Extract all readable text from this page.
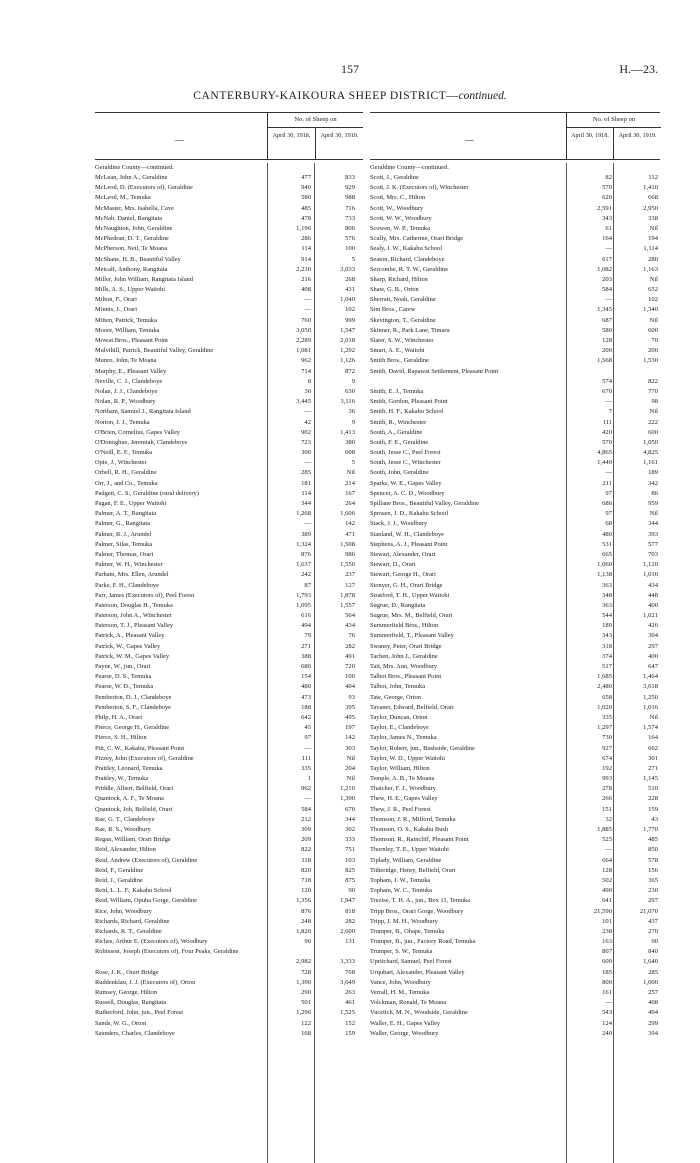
157	H.—23.
CANTERBURY-KAIKOURA SHEEP DISTRICT—continued.
—
No. of Sheep on
April 30, 1918.	April 30, 1919.
Geraldine County—continued.
McLean, John A., Geraldine	477	833
McLeod, D. (Executors of), Geraldine	940	929
McLeod, M., Temuka	580	988
McMaster, Mrs. Isabella, Cave	485	716
McNab, Daniel, Rangitata	478	733
McNaughton, John, Geraldine	1,196	806
McPhedran, D. T., Geraldine	286	576
McPherson, Neil, Te Moana	114	100
McShane, H. B., Beautiful Valley	914	5
Metcalf, Anthony, Rangitata	2,230	3,033
Miller, John William, Rangitata Island	216	268
Mills, A. S., Upper Waitohi	408	431
Milton, F., Orari	—	1,040
Minnis, J., Orari	—	102
Mitten, Patrick, Temuka	760	999
Moore, William, Temuka	3,050	1,547
Mowat Bros., Pleasant Point	2,289	2,018
Mulvihill, Patrick, Beautiful Valley, Geraldine	1,081	1,292
Munro, John, Te Moana	962	1,126
Murphy, E., Pleasant Valley	714	872
Neville, C. J., Clandeboye	8	9
Nolan, J. J., Clandeboye	30	630
Nolan, R. P., Woodbury	3,445	3,116
Northam, Samuel J., Rangitata Island	—	36
Norton, J. J., Temuka	42	9
O'Brien, Cornelius, Gapes Valley	902	1,413
O'Donoghue, Jeremiah, Clandeboye	723	380
O'Neill, E. F., Temuka	300	608
Opie, J., Winchester	—	5
Orbell, R. H., Geraldine	285	Nil
Orr, J., and Co., Temuka	181	214
Padgett, C. S., Geraldine (rural delivery)	114	167
Pagan, F. E., Upper Waitohi	344	264
Palmer, A. T., Rangitata	1,268	1,606
Palmer, G., Rangitata	—	142
Palmer, R. J., Arundel	389	471
Palmer, Silas, Temuka	1,324	1,508
Palmer, Thomas, Orari	876	986
Palmer, W. H., Winchester	1,637	1,550
Parham, Mrs. Ellen, Arundel	242	237
Parke, F. H., Clandeboye	87	127
Parr, James (Executors of), Peel Forest	1,793	1,878
Paterson, Douglas H., Temuka	1,095	1,557
Paterson, John A., Winchester	616	564
Paterson, T. J., Pleasant Valley	494	434
Patrick, A., Pleasant Valley	79	76
Patrick, W., Gapes Valley	271	282
Patrick, W. M., Gapes Valley	388	491
Payne, W., jun., Orari	680	720
Pearse, D. S., Temuka	154	100
Pearse, W. D., Temuka	480	404
Pemberton, D. J., Clandeboye	473	93
Pemberton, S. F., Clandeboye	188	395
Philp, H. A., Orari	642	495
Pierce, George H., Geraldine	45	197
Pierce, S. H., Hilton	97	142
Pitt, C. W., Kakahu, Pleasant Point	—	303
Pizzey, John (Executors of), Geraldine	111	Nil
Prattley, Leonard, Temuka	335	204
Prattley, W., Temuka	1	Nil
Priddle, Albert, Belfield, Orari	962	1,210
Quantock, A. F., Te Moana	—	1,390
Quantock, Job, Belfield, Orari	584	670
Rae, G. T., Clandeboye	212	344
Rae, R. S., Woodbury	309	302
Regan, William, Orari Bridge	209	333
Reid, Alexander, Hilton	822	751
Reid, Andrew (Executors of), Geraldine	118	103
Reid, F., Geraldine	820	825
Reid, J., Geraldine	718	875
Reid, L. L. F., Kakahu School	120	90
Reid, William, Opuha Gorge, Geraldine	1,356	1,947
Rice, John, Woodbury	876	818
Richards, Richard, Geraldine	248	282
Richards, R. T., Geraldine	1,820	2,600
Riches, Arthur E. (Executors of), Woodbury	90	131
Robinson, Joseph (Executors of), Four Peaks, Geraldine
2,982	3,333
Rose, J. K., Orari Bridge	728	768
Ruddenklau, J. J. (Executors of), Orton	1,390	3,649
Rumsey, George, Hilton	290	263
Russell, Douglas, Rangitata	501	461
Rutherford, John, jun., Peel Forest	1,296	1,525
Sands, W. G., Orton	122	152
Saunders, Charles, Clandeboye	168	159
—
No. of Sheep on
April 30, 1918.	April 30, 1919.
Geraldine County—continued.
Scott, J., Geraldine	82	112
Scott, J. K. (Executors of), Winchester	570	1,410
Scott, Mrs. C., Hilton	620	668
Scott, W., Woodbury	2,591	2,950
Scott, W. W., Woodbury	343	338
Scowen, W. P., Temuka	61	Nil
Scully, Mrs. Catherine, Orari Bridge	164	194
Sealy, J. W., Kakahu School	—	1,114
Seaton, Richard, Clandeboye	617	280
Sercombe, R. T. W., Geraldine	1,082	1,163
Sharp, Richard, Hilton	203	Nil
Shaw, G. B., Orton	584	652
Sherratt, Noah, Geraldine	—	102
Sim Bros., Carew	1,345	1,340
Skevington, T., Geraldine	687	Nil
Skinner, R., Park Lane, Timaru	580	600
Slater, S. W., Winchester	128	70
Smart, A. E., Waitohi	200	200
Smith Bros., Geraldine	1,568	1,530
Smith, David, Rapawai Settlement, Pleasant Point
574	822
Smith, E. J., Temuka	670	770
Smith, Gordon, Pleasant Point	—	98
Smith, H. F., Kakahu School	7	Nil
Smith, R., Winchester	111	222
South, A., Geraldine	420	600
South, F. E., Geraldine	570	1,050
South, Jesse C., Peel Forest	4,865	4,825
South, Jesse C., Winchester	1,440	1,161
South, John, Geraldine	—	189
Sparks, W. E., Gapes Valley	211	342
Spencer, A. C. D., Woodbury	97	86
Spillane Bros., Beautiful Valley, Geraldine	686	959
Sprosen, J. D., Kakahu School	97	Nil
Stack, J. J., Woodbury	68	344
Stanland, W. H., Clandeboye	480	393
Stephens, A. J., Pleasant Point	531	577
Stewart, Alexander, Orari	665	703
Stewart, D., Orari	1,060	1,120
Stewart, George H., Orari	1,138	1,010
Stonyer, G. H., Orari Bridge	363	434
Stratford, T. H., Upper Waitohi	348	448
Sugrue, D., Rangitata	363	400
Sugrue, Mrs. M., Belfield, Orari	544	1,021
Summerfield Bros., Hilton	189	426
Summerfield, T., Pleasant Valley	343	304
Swaney, Peter, Orari Bridge	318	297
Tachen, John J., Geraldine	374	400
Tait, Mrs. Ann, Woodbury	517	647
Talbot Bros., Pleasant Point	1,685	1,464
Talbot, John, Temuka	2,480	3,618
Tate, George, Orton	658	1,250
Tavaner, Edward, Belfield, Orari	1,020	1,016
Taylor, Duncan, Orton	335	Nil
Taylor, E., Clandeboye	1,297	1,574
Taylor, James N., Temuka	730	164
Taylor, Robert, jun., Bushside, Geraldine	927	662
Taylor, W. D., Upper Waitohi	674	301
Taylor, William, Hilton	192	271
Temple, A. B., Te Moana	993	1,145
Thatcher, F. J., Woodbury	278	510
Thew, H. E., Gapes Valley	266	228
Thew, J. R., Peel Forest	151	159
Thomson, J. R., Milford, Temuka	32	43
Thomson, O. S., Kakahu Bush	1,885	1,770
Thomson, R., Raincliff, Pleasant Point	525	485
Thornley, T. E., Upper Waitohi	—	850
Tiplady, William, Geraldine	664	578
Titheridge, Henry, Belfield, Orari	128	156
Topham, J. W., Temuka	502	365
Topham, W. C., Temuka	490	230
Trezise, T. H. A., jun., Box 11, Temuka	641	297
Tripp Bros., Orari Gorge, Woodbury	21,590	21,070
Tripp, J. M. H., Woodbury	101	437
Trumper, B., Ohape, Temuka	238	270
Trumper, B., jun., Factory Road, Temuka	163	90
Trumper, S. W., Temuka	807	840
Upritchard, Samuel, Peel Forest	609	1,640
Urquhart, Alexander, Pleasant Valley	185	285
Vance, John, Woodbury	800	1,000
Verrall, H. M., Temuka	161	257
Volckman, Ronald, Te Moana	—	408
Vucetich, M. N., Woodside, Geraldine	543	494
Waller, E. H., Gapes Valley	124	299
Waller, George, Woodbury	240	394
